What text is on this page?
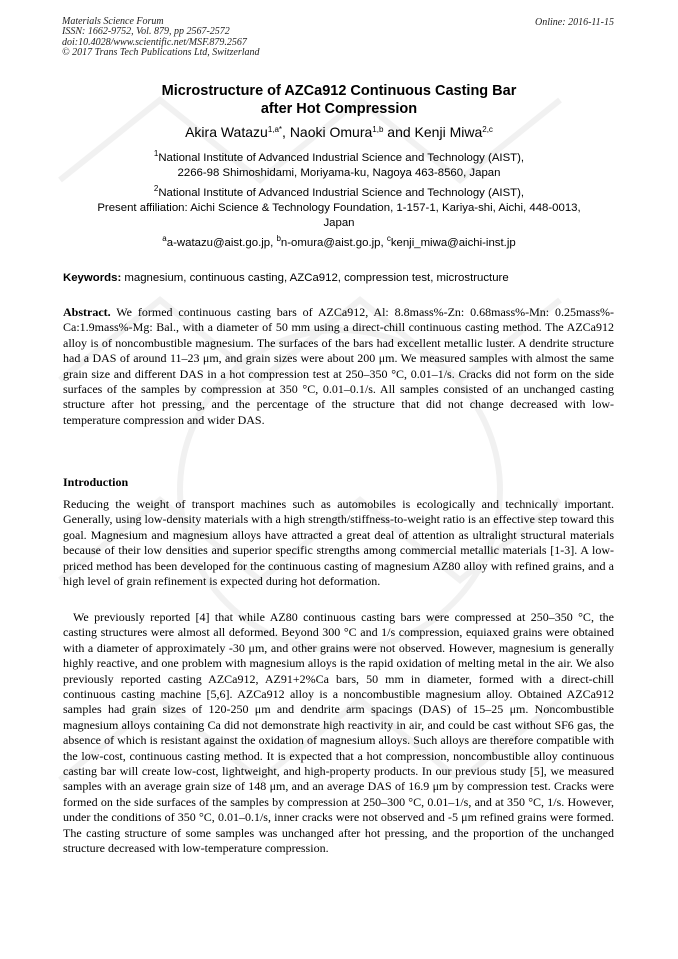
Materials Science Forum
ISSN: 1662-9752, Vol. 879, pp 2567-2572
doi:10.4028/www.scientific.net/MSF.879.2567
© 2017 Trans Tech Publications Ltd, Switzerland
Online: 2016-11-15
Microstructure of AZCa912 Continuous Casting Bar
after Hot Compression
Akira Watazu$^{1,a*}$, Naoki Omura$^{1,b}$ and Kenji Miwa$^{2,c}$
$^1$National Institute of Advanced Industrial Science and Technology (AIST),
2266-98 Shimoshidami, Moriyama-ku, Nagoya 463-8560, Japan
$^2$National Institute of Advanced Industrial Science and Technology (AIST),
Present affiliation: Aichi Science & Technology Foundation, 1-157-1, Kariya-shi, Aichi, 448-0013,
Japan
$^a$a-watazu@aist.go.jp, $^b$n-omura@aist.go.jp, $^c$kenji_miwa@aichi-inst.jp
Keywords: magnesium, continuous casting, AZCa912, compression test, microstructure
Abstract. We formed continuous casting bars of AZCa912, Al: 8.8mass%-Zn: 0.68mass%-Mn: 0.25mass%-Ca:1.9mass%-Mg: Bal., with a diameter of 50 mm using a direct-chill continuous casting method. The AZCa912 alloy is of noncombustible magnesium. The surfaces of the bars had excellent metallic luster. A dendrite structure had a DAS of around 11–23 μm, and grain sizes were about 200 μm. We measured samples with almost the same grain size and different DAS in a hot compression test at 250–350 °C, 0.01–1/s. Cracks did not form on the side surfaces of the samples by compression at 350 °C, 0.01–0.1/s. All samples consisted of an unchanged casting structure after hot pressing, and the percentage of the structure that did not change decreased with low-temperature compression and wider DAS.
Introduction
Reducing the weight of transport machines such as automobiles is ecologically and technically important. Generally, using low-density materials with a high strength/stiffness-to-weight ratio is an effective step toward this goal. Magnesium and magnesium alloys have attracted a great deal of attention as ultralight structural materials because of their low densities and superior specific strengths among commercial metallic materials [1-3]. A low-priced method has been developed for the continuous casting of magnesium AZ80 alloy with refined grains, and a high level of grain refinement is expected during hot deformation.
We previously reported [4] that while AZ80 continuous casting bars were compressed at 250–350 °C, the casting structures were almost all deformed. Beyond 300 °C and 1/s compression, equiaxed grains were obtained with a diameter of approximately -30 μm, and other grains were not observed. However, magnesium is generally highly reactive, and one problem with magnesium alloys is the rapid oxidation of melting metal in the air. We also previously reported casting AZCa912, AZ91+2%Ca bars, 50 mm in diameter, formed with a direct-chill continuous casting machine [5,6]. AZCa912 alloy is a noncombustible magnesium alloy. Obtained AZCa912 samples had grain sizes of 120-250 μm and dendrite arm spacings (DAS) of 15–25 μm. Noncombustible magnesium alloys containing Ca did not demonstrate high reactivity in air, and could be cast without SF6 gas, the absence of which is resistant against the oxidation of magnesium alloys. Such alloys are therefore compatible with the low-cost, continuous casting method. It is expected that a hot compression, noncombustible alloy continuous casting bar will create low-cost, lightweight, and high-property products. In our previous study [5], we measured samples with an average grain size of 148 μm, and an average DAS of 16.9 μm by compression test. Cracks were formed on the side surfaces of the samples by compression at 250–300 °C, 0.01–1/s, and at 350 °C, 1/s. However, under the conditions of 350 °C, 0.01–0.1/s, inner cracks were not observed and -5 μm refined grains were formed. The casting structure of some samples was unchanged after hot pressing, and the proportion of the unchanged structure decreased with low-temperature compression.
